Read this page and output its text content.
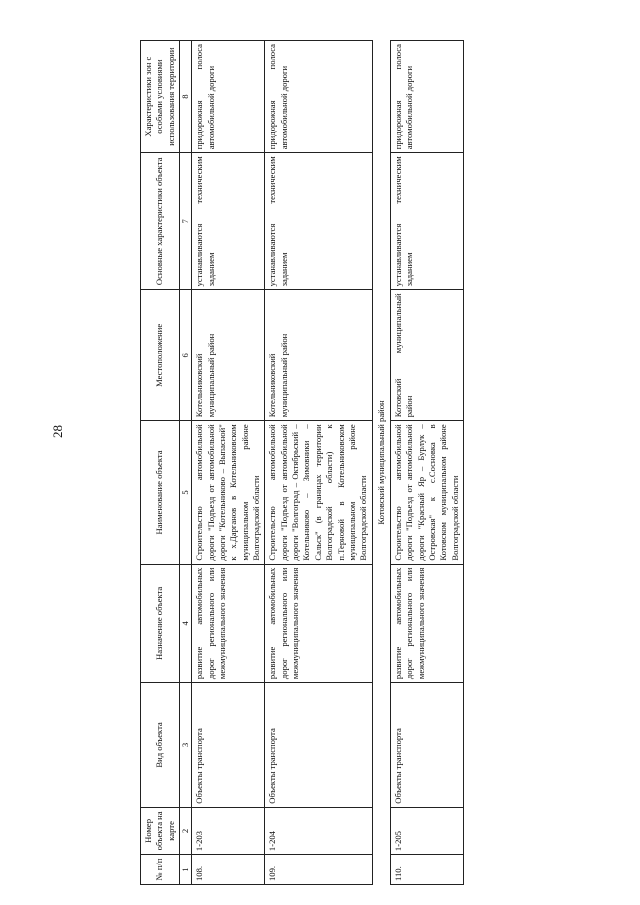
28
№ п/п	Номер объекта на карте	Вид объекта	Назначение объекта	Наименование объекта	Местоположение	Основные характеристики объекта	Характеристики зон с особыми условиями использования территории
1	2	3	4	5	6	7	8
108.	1-203	Объекты транспорта	развитие автомобильных дорог регионального или межмуниципального значения	Строительство автомобильной дороги "Подъезд от автомобильной дороги "Котельниково – Выпасной" к х.Дарганов в Котельниковском муниципальном районе Волгоградской области	Котельниковский муниципальный район	устанавливаются техническим заданием	придорожная полоса автомобильной дороги
109.	1-204	Объекты транспорта	развитие автомобильных дорог регионального или межмуниципального значения	Строительство автомобильной дороги "Подъезд от автомобильной дороги "Волгоград – Октябрьский – Котельниково – Зимовники – Сальск" (в границах территории Волгоградской области) к п.Терновой в Котельниковском муниципальном районе Волгоградской области	Котельниковский муниципальный район	устанавливаются техническим заданием	придорожная полоса автомобильной дороги
Котовский муниципальный район							
110.	1-205	Объекты транспорта	развитие автомобильных дорог регионального или межмуниципального значения	Строительство автомобильной дороги "Подъезд от автомобильной дороги "Красный Яр – Бурлук – Островская" к с.Сосновка в Котовском муниципальном районе Волгоградской области	Котовский муниципальный район	устанавливаются техническим заданием	придорожная полоса автомобильной дороги
